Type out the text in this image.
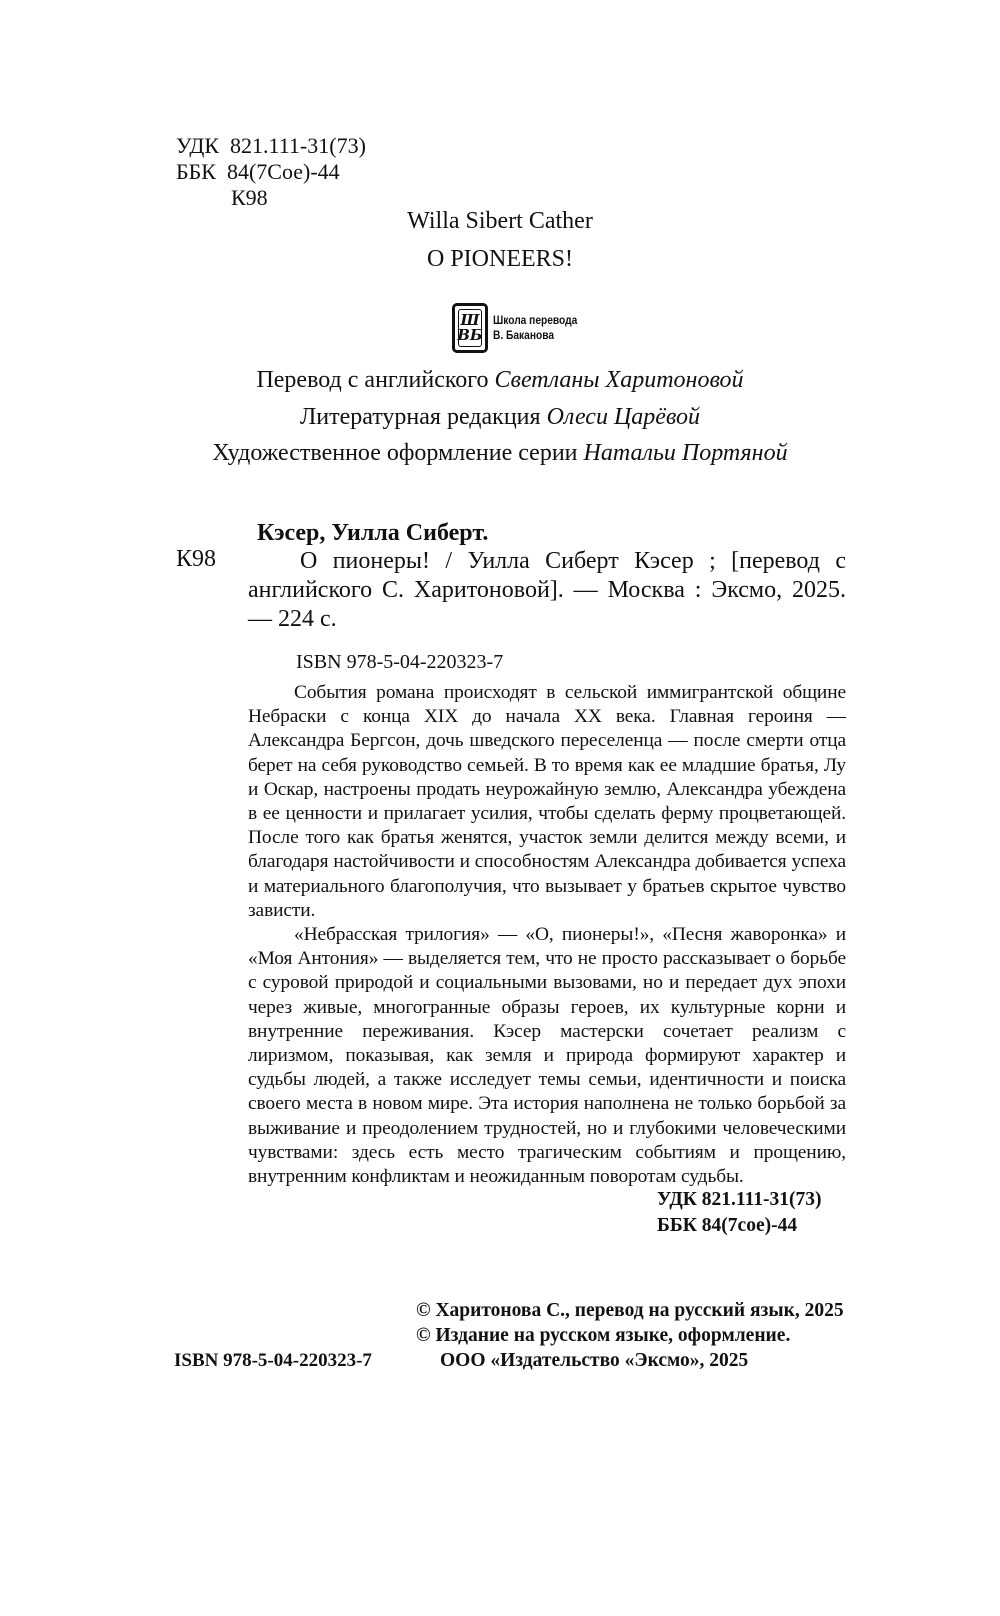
УДК 821.111-31(73)
ББК 84(7Сое)-44
К98
Willa Sibert Cather
O PIONEERS!
Ш
ВБ
Школа перевода
В. Баканова
Перевод с английского Светланы Харитоновой
Литературная редакция Олеси Царёвой
Художественное оформление серии Натальи Портяной
Кэсер, Уилла Сиберт.
К98	О пионеры! / Уилла Сиберт Кэсер ; [перевод с английского С. Харитоновой]. — Москва : Эксмо, 2025. — 224 с.
ISBN 978-5-04-220323-7

События романа происходят в сельской иммигрантской общине Небраски с конца XIX до начала XX века. Главная героиня — Александра Бергсон, дочь шведского переселенца — после смерти отца берет на себя руководство семьей. В то время как ее младшие братья, Лу и Оскар, настроены продать неурожайную землю, Александра убеждена в ее ценности и прилагает усилия, чтобы сделать ферму процветающей. После того как братья женятся, участок земли делится между всеми, и благодаря настойчивости и способностям Александра добивается успеха и материального благополучия, что вызывает у братьев скрытое чувство зависти.

«Небрасская трилогия» — «О, пионеры!», «Песня жаворонка» и «Моя Антония» — выделяется тем, что не просто рассказывает о борьбе с суровой природой и социальными вызовами, но и передает дух эпохи через живые, многогранные образы героев, их культурные корни и внутренние переживания. Кэсер мастерски сочетает реализм с лиризмом, показывая, как земля и природа формируют характер и судьбы людей, а также исследует темы семьи, идентичности и поиска своего места в новом мире. Эта история наполнена не только борьбой за выживание и преодолением трудностей, но и глубокими человеческими чувствами: здесь есть место трагическим событиям и прощению, внутренним конфликтам и неожиданным поворотам судьбы.

УДК 821.111-31(73)
ББК 84(7сое)-44
© Харитонова С., перевод на русский язык, 2025
© Издание на русском языке, оформление.
ООО «Издательство «Эксмо», 2025
ISBN 978-5-04-220323-7
